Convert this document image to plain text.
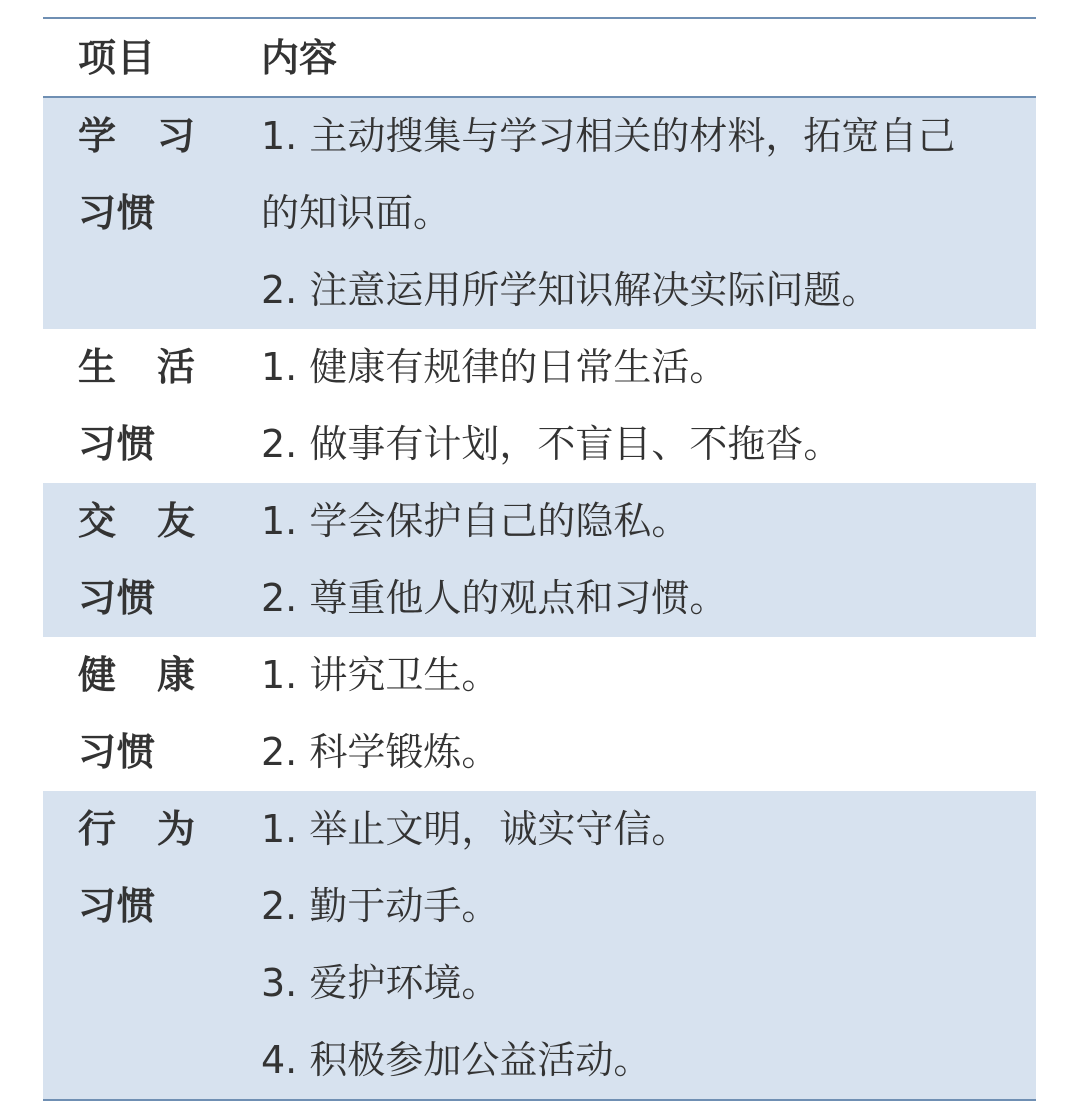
项目	内容
学 习
习惯
1. 主动搜集与学习相关的材料，拓宽自己
的知识面。
2. 注意运用所学知识解决实际问题。
生 活
习惯
1. 健康有规律的日常生活。
2. 做事有计划，不盲目、不拖沓。
交 友
习惯
1. 学会保护自己的隐私。
2. 尊重他人的观点和习惯。
健 康
习惯
1. 讲究卫生。
2. 科学锻炼。
行 为
习惯
1. 举止文明，诚实守信。
2. 勤于动手。
3. 爱护环境。
4. 积极参加公益活动。
